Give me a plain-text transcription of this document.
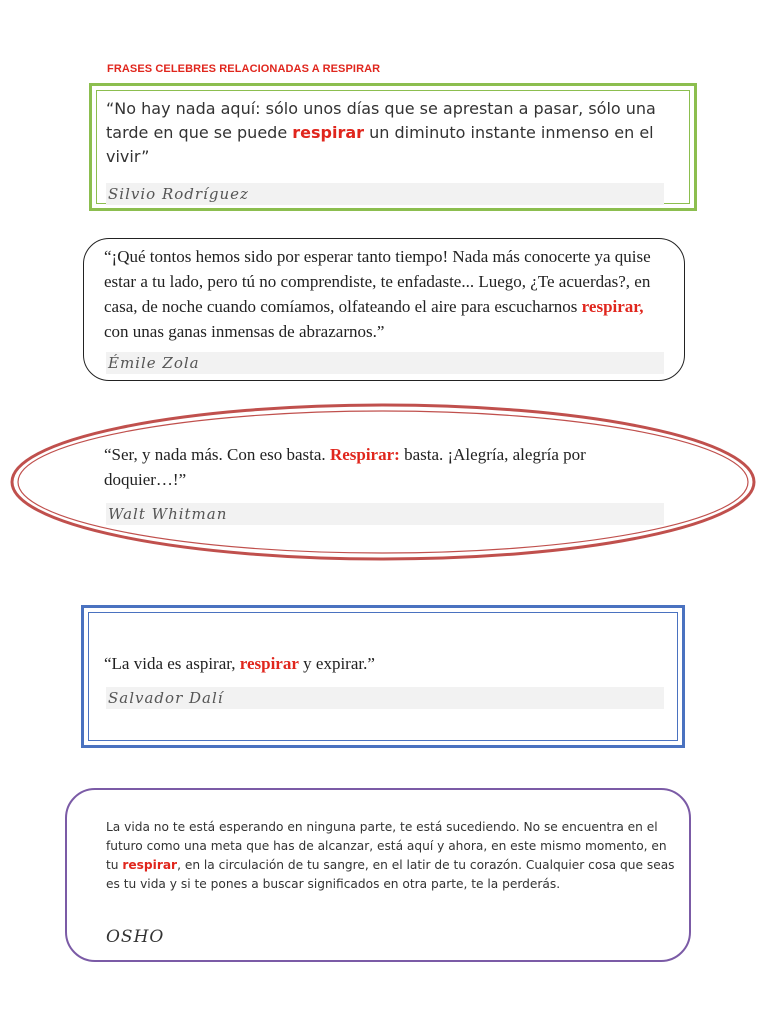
FRASES CELEBRES RELACIONADAS A RESPIRAR
“No hay nada aquí: sólo unos días que se aprestan a pasar, sólo una tarde en que se puede respirar un diminuto instante inmenso en el vivir”
Silvio Rodríguez
“¡Qué tontos hemos sido por esperar tanto tiempo! Nada más conocerte ya quise estar a tu lado, pero tú no comprendiste, te enfadaste... Luego, ¿Te acuerdas?, en casa, de noche cuando comíamos, olfateando el aire para escucharnos respirar, con unas ganas inmensas de abrazarnos.”
Émile Zola
“Ser, y nada más. Con eso basta. Respirar: basta. ¡Alegría, alegría por doquier…!”
Walt Whitman
“La vida es aspirar, respirar y expirar.”
Salvador Dalí
La vida no te está esperando en ninguna parte, te está sucediendo. No se encuentra en el futuro como una meta que has de alcanzar, está aquí y ahora, en este mismo momento, en tu respirar, en la circulación de tu sangre, en el latir de tu corazón. Cualquier cosa que seas es tu vida y si te pones a buscar significados en otra parte, te la perderás.
OSHO
